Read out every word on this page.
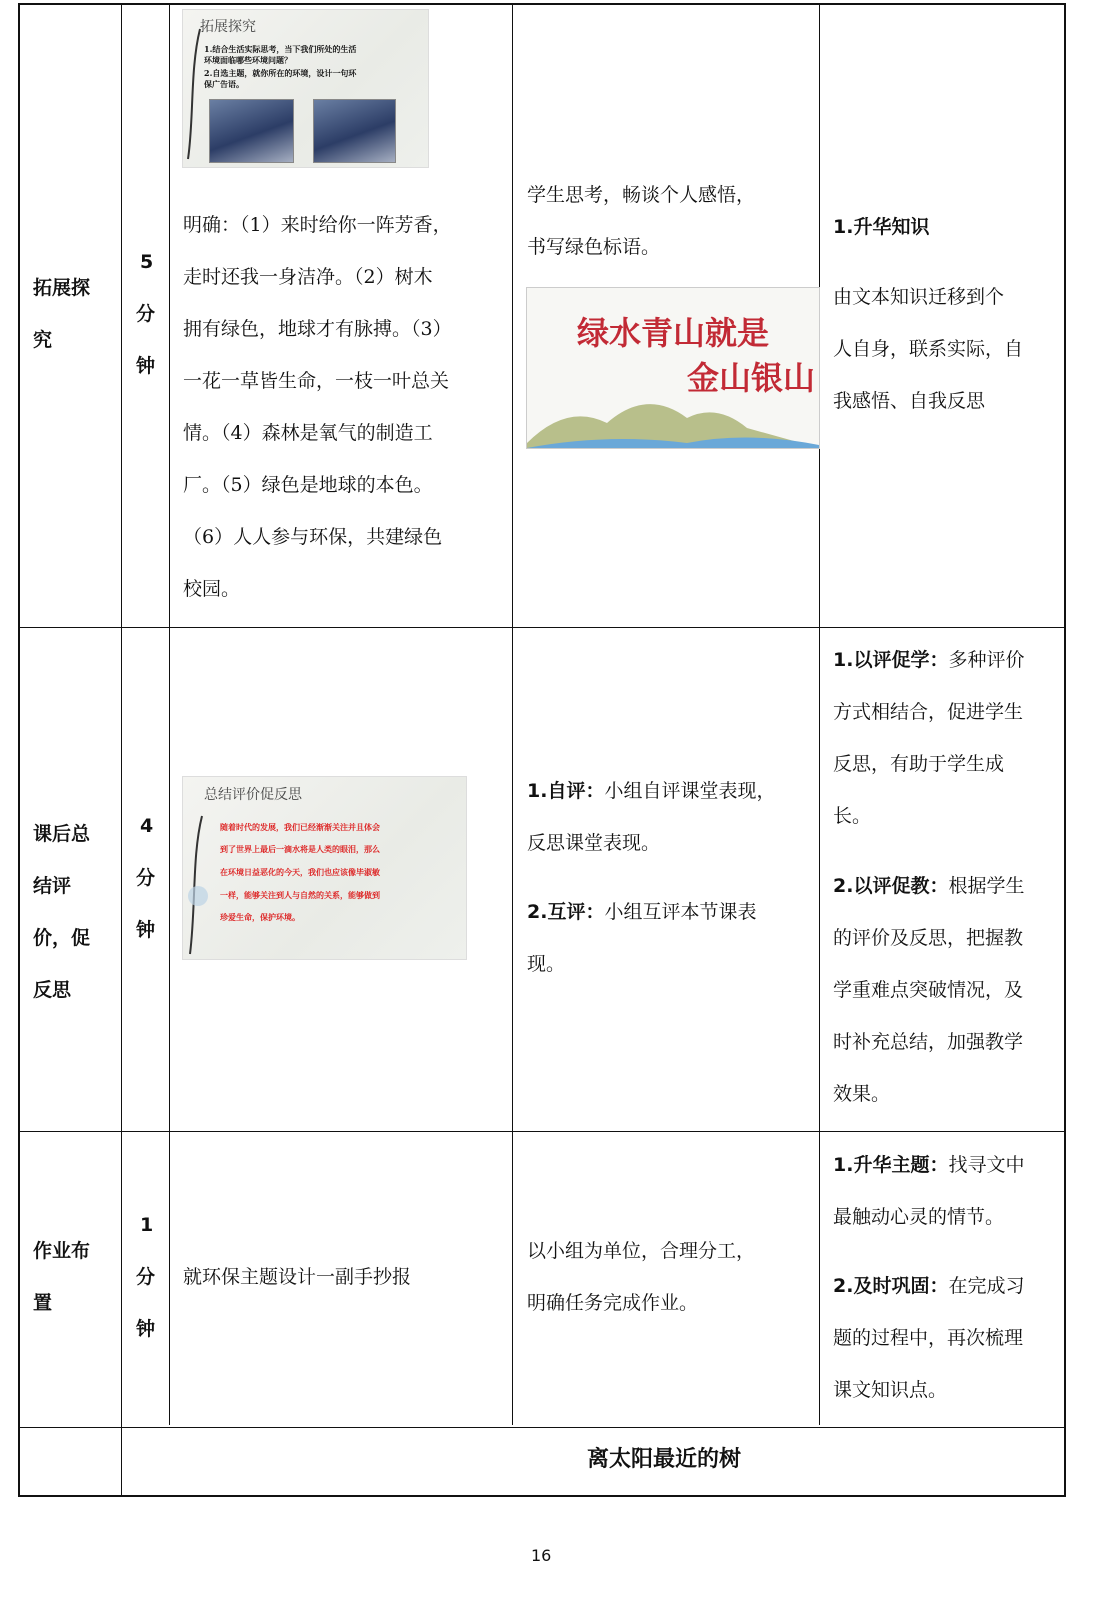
拓展探
究
5
分
钟
拓展探究
1.结合生活实际思考，当下我们所处的生活
环境面临哪些环境问题？
2.自选主题，就你所在的环境，设计一句环
保广告语。
明确：（1）来时给你一阵芳香，
走时还我一身洁净。（2）树木
拥有绿色，地球才有脉搏。（3）
一花一草皆生命，一枝一叶总关
情。（4）森林是氧气的制造工
厂。（5）绿色是地球的本色。
（6）人人参与环保，共建绿色
校园。
学生思考，畅谈个人感悟，
书写绿色标语。
绿水青山就是
金山银山
1.升华知识
由文本知识迁移到个
人自身，联系实际，自
我感悟、自我反思
课后总
结评
价，促
反思
4
分
钟
总结评价促反思
随着时代的发展，我们已经渐渐关注并且体会
到了世界上最后一滴水将是人类的眼泪，那么
在环境日益恶化的今天，我们也应该像毕淑敏
一样，能够关注到人与自然的关系，能够做到
珍爱生命，保护环境。
1.自评：小组自评课堂表现，
反思课堂表现。
2.互评：小组互评本节课表
现。
1.以评促学：多种评价
方式相结合，促进学生
反思，有助于学生成
长。
2.以评促教：根据学生
的评价及反思，把握教
学重难点突破情况，及
时补充总结，加强教学
效果。
作业布
置
1
分
钟
就环保主题设计一副手抄报
以小组为单位，合理分工，
明确任务完成作业。
1.升华主题：找寻文中
最触动心灵的情节。
2.及时巩固：在完成习
题的过程中，再次梳理
课文知识点。
离太阳最近的树
16
